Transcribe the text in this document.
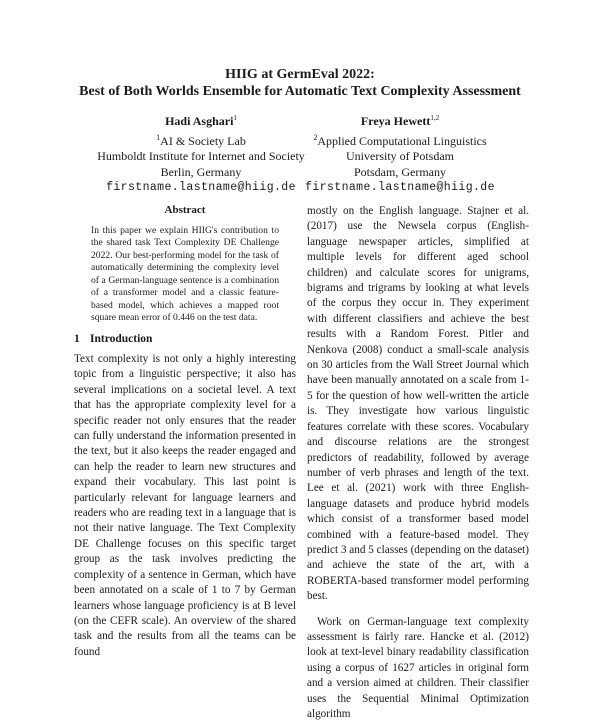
HIIG at GermEval 2022:
Best of Both Worlds Ensemble for Automatic Text Complexity Assessment
Hadi Asghari$^1$
$^1$AI & Society Lab
Humboldt Institute for Internet and Society
Berlin, Germany
firstname.lastname@hiig.de
Freya Hewett$^{1,2}$
$^2$Applied Computational Linguistics
University of Potsdam
Potsdam, Germany
firstname.lastname@hiig.de
Abstract

In this paper we explain HIIG's contribution to the shared task Text Complexity DE Challenge 2022. Our best-performing model for the task of automatically determining the complexity level of a German-language sentence is a combination of a transformer model and a classic feature-based model, which achieves a mapped root square mean error of 0.446 on the test data.

1 Introduction

Text complexity is not only a highly interesting topic from a linguistic perspective; it also has several implications on a societal level. A text that has the appropriate complexity level for a specific reader not only ensures that the reader can fully understand the information presented in the text, but it also keeps the reader engaged and can help the reader to learn new structures and expand their vocabulary. This last point is particularly relevant for language learners and readers who are reading text in a language that is not their native language. The Text Complexity DE Challenge focuses on this specific target group as the task involves predicting the complexity of a sentence in German, which have been annotated on a scale of 1 to 7 by German learners whose language proficiency is at B level (on the CEFR scale). An overview of the shared task and the results from all the teams can be found

mostly on the English language. Stajner et al. (2017) use the Newsela corpus (English-language newspaper articles, simplified at multiple levels for different aged school children) and calculate scores for unigrams, bigrams and trigrams by looking at what levels of the corpus they occur in. They experiment with different classifiers and achieve the best results with a Random Forest. Pitler and Nenkova (2008) conduct a small-scale analysis on 30 articles from the Wall Street Journal which have been manually annotated on a scale from 1-5 for the question of how well-written the article is. They investigate how various linguistic features correlate with these scores. Vocabulary and discourse relations are the strongest predictors of readability, followed by average number of verb phrases and length of the text. Lee et al. (2021) work with three English-language datasets and produce hybrid models which consist of a transformer based model combined with a feature-based model. They predict 3 and 5 classes (depending on the dataset) and achieve the state of the art, with a ROBERTA-based transformer model performing best.

Work on German-language text complexity assessment is fairly rare. Hancke et al. (2012) look at text-level binary readability classification using a corpus of 1627 articles in original form and a version aimed at children. Their classifier uses the Sequential Minimal Optimization algorithm
